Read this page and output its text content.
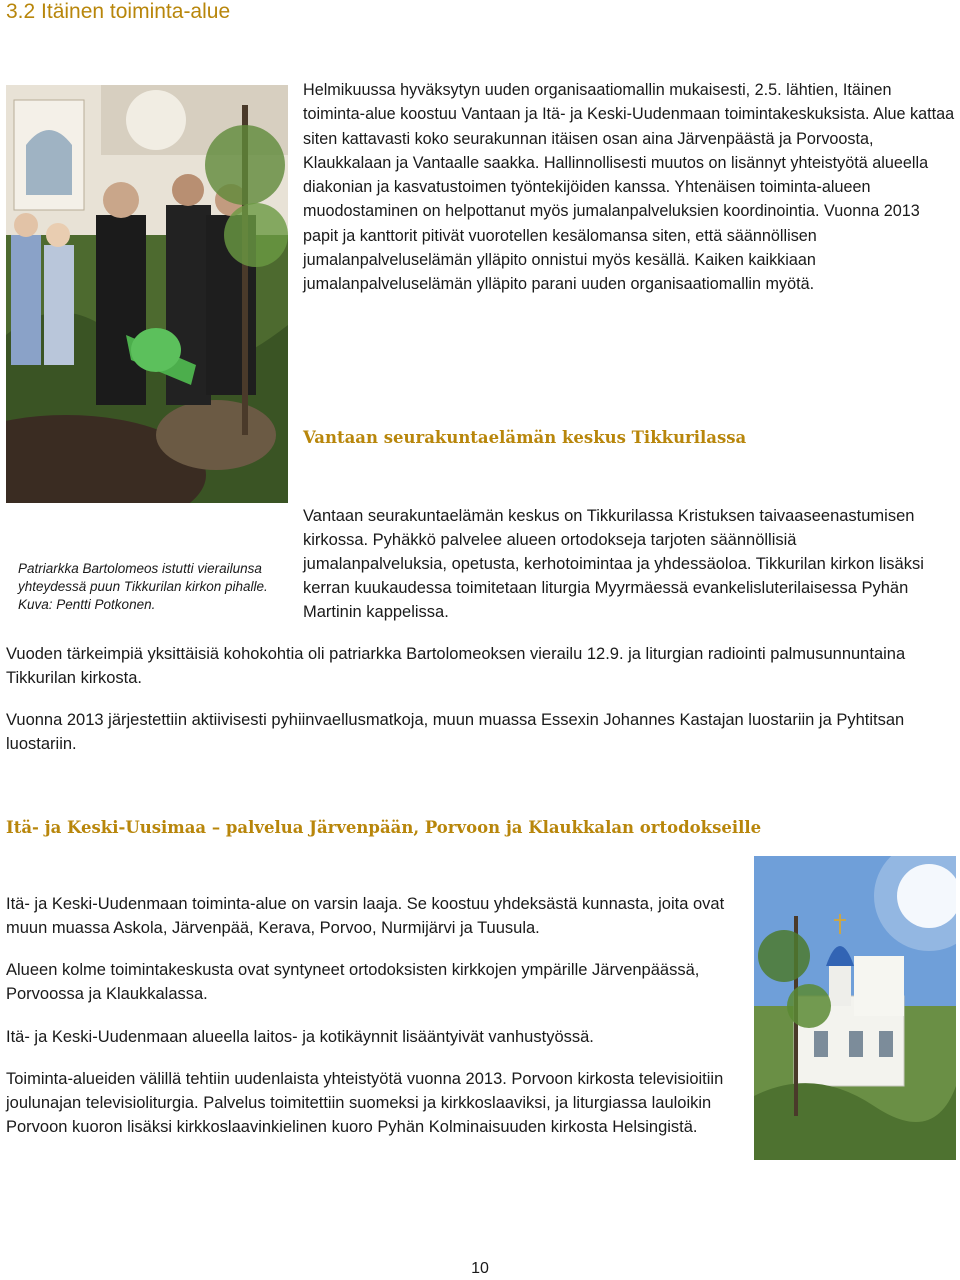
3.2 Itäinen toiminta-alue

Helmikuussa hyväksytyn uuden organisaatiomallin mukaisesti, 2.5. lähtien, Itäinen toiminta-alue koostuu Vantaan ja Itä- ja Keski-Uudenmaan toimintakeskuksista. Alue kattaa siten kattavasti koko seurakunnan itäisen osan aina Järvenpäästä ja Porvoosta, Klaukkalaan ja Vantaalle saakka. Hallinnollisesti muutos on lisännyt yhteistyötä alueella diakonian ja kasvatustoimen työntekijöiden kanssa. Yhtenäisen toiminta-alueen muodostaminen on helpottanut myös jumalanpalveluksien koordinointia. Vuonna 2013 papit ja kanttorit pitivät vuorotellen kesälomansa siten, että säännöllisen jumalanpalveluselämän ylläpito onnistui myös kesällä. Kaiken kaikkiaan jumalanpalveluselämän ylläpito parani uuden organisaatiomallin myötä.

Vantaan seurakuntaelämän keskus Tikkurilassa

Patriarkka Bartolomeos istutti vierailunsa yhteydessä puun Tikkurilan kirkon pihalle. Kuva: Pentti Potkonen.

Vantaan seurakuntaelämän keskus on Tikkurilassa Kristuksen taivaaseenastumisen kirkossa. Pyhäkkö palvelee alueen ortodokseja tarjoten säännöllisiä jumalanpalveluksia, opetusta, kerhotoimintaa ja yhdessäoloa. Tikkurilan kirkon lisäksi kerran kuukaudessa toimitetaan liturgia Myyrmäessä evankelisluterilaisessa Pyhän Martinin kappelissa.

Vuoden tärkeimpiä yksittäisiä kohokohtia oli patriarkka Bartolomeoksen vierailu 12.9. ja liturgian radiointi palmusunnuntaina Tikkurilan kirkosta.

Vuonna 2013 järjestettiin aktiivisesti pyhiinvaellusmatkoja, muun muassa Essexin Johannes Kastajan luostariin ja Pyhtitsan luostariin.

Itä- ja Keski-Uusimaa – palvelua Järvenpään, Porvoon ja Klaukkalan ortodokseille

Itä- ja Keski-Uudenmaan toiminta-alue on varsin laaja. Se koostuu yhdeksästä kunnasta, joita ovat muun muassa Askola, Järvenpää, Kerava, Porvoo, Nurmijärvi ja Tuusula.

Alueen kolme toimintakeskusta ovat syntyneet ortodoksisten kirkkojen ympärille Järvenpäässä, Porvoossa ja Klaukkalassa.

Itä- ja Keski-Uudenmaan alueella laitos- ja kotikäynnit lisääntyivät vanhustyössä.

Toiminta-alueiden välillä tehtiin uudenlaista yhteistyötä vuonna 2013. Porvoon kirkosta televisioitiin joulunajan televisioliturgia. Palvelus toimitettiin suomeksi ja kirkkoslaaviksi, ja liturgiassa lauloikin Porvoon kuoron lisäksi kirkkoslaavinkielinen kuoro Pyhän Kolminaisuuden kirkosta Helsingistä.

10
